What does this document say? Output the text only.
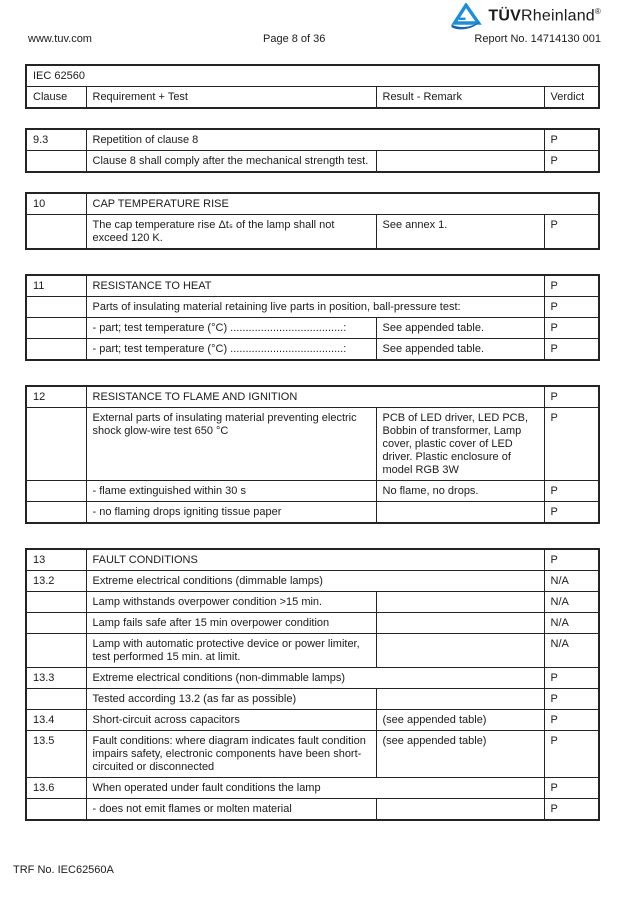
TÜVRheinland®
www.tuv.com	Page 8 of 36	Report No. 14714130 001
IEC 62560
Clause	Requirement + Test	Result - Remark	Verdict
9.3	Repetition of clause 8		P
	Clause 8 shall comply after the mechanical strength test.		P
10	CAP TEMPERATURE RISE		
	The cap temperature rise Δtₛ of the lamp shall not exceed 120 K.	See annex 1.	P
11	RESISTANCE TO HEAT		P
	Parts of insulating material retaining live parts in position, ball-pressure test:		P
	- part; test temperature (°C) .....................................:	See appended table.	P
	- part; test temperature (°C) .....................................:	See appended table.	P
12	RESISTANCE TO FLAME AND IGNITION		P
	External parts of insulating material preventing electric shock glow-wire test 650 °C	PCB of LED driver, LED PCB, Bobbin of transformer, Lamp cover, plastic cover of LED driver. Plastic enclosure of model RGB 3W	P
	- flame extinguished within 30 s	No flame, no drops.	P
	- no flaming drops igniting tissue paper		P
13	FAULT CONDITIONS		P
13.2	Extreme electrical conditions (dimmable lamps)		N/A
	Lamp withstands overpower condition >15 min.		N/A
	Lamp fails safe after 15 min overpower condition		N/A
	Lamp with automatic protective device or power limiter, test performed 15 min. at limit.		N/A
13.3	Extreme electrical conditions (non-dimmable lamps)		P
	Tested according 13.2 (as far as possible)		P
13.4	Short-circuit across capacitors	(see appended table)	P
13.5	Fault conditions: where diagram indicates fault condition impairs safety, electronic components have been short-circuited or disconnected	(see appended table)	P
13.6	When operated under fault conditions the lamp		P
	- does not emit flames or molten material		P
TRF No. IEC62560A
